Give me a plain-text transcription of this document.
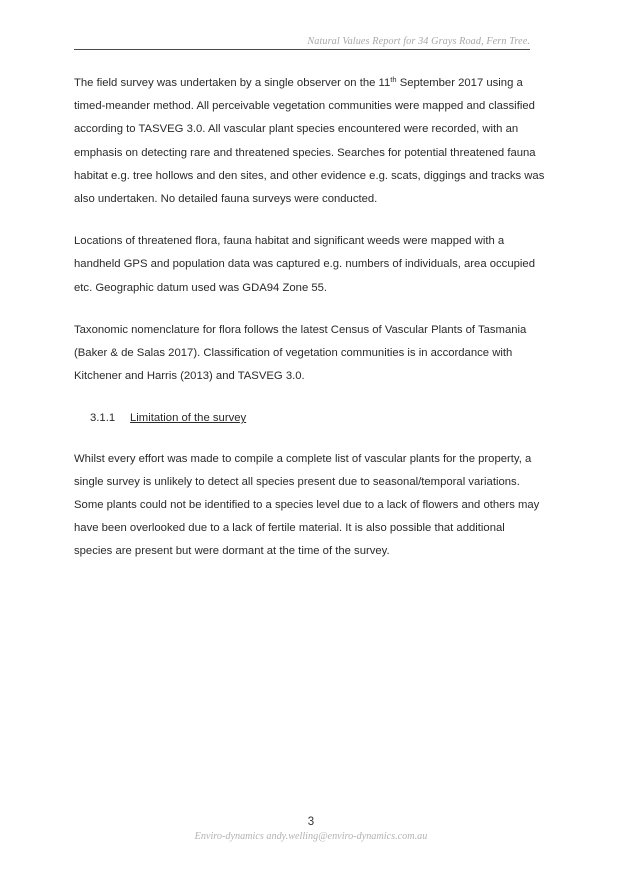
Natural Values Report for 34 Grays Road, Fern Tree.

The field survey was undertaken by a single observer on the 11th September 2017 using a
timed-meander method. All perceivable vegetation communities were mapped and classified
according to TASVEG 3.0. All vascular plant species encountered were recorded, with an
emphasis on detecting rare and threatened species. Searches for potential threatened fauna
habitat e.g. tree hollows and den sites, and other evidence e.g. scats, diggings and tracks was
also undertaken. No detailed fauna surveys were conducted.

Locations of threatened flora, fauna habitat and significant weeds were mapped with a
handheld GPS and population data was captured e.g. numbers of individuals, area occupied
etc. Geographic datum used was GDA94 Zone 55.

Taxonomic nomenclature for flora follows the latest Census of Vascular Plants of Tasmania
(Baker & de Salas 2017). Classification of vegetation communities is in accordance with
Kitchener and Harris (2013) and TASVEG 3.0.

3.1.1 Limitation of the survey

Whilst every effort was made to compile a complete list of vascular plants for the property, a
single survey is unlikely to detect all species present due to seasonal/temporal variations.
Some plants could not be identified to a species level due to a lack of flowers and others may
have been overlooked due to a lack of fertile material. It is also possible that additional
species are present but were dormant at the time of the survey.

3
Enviro-dynamics andy.welling@enviro-dynamics.com.au
